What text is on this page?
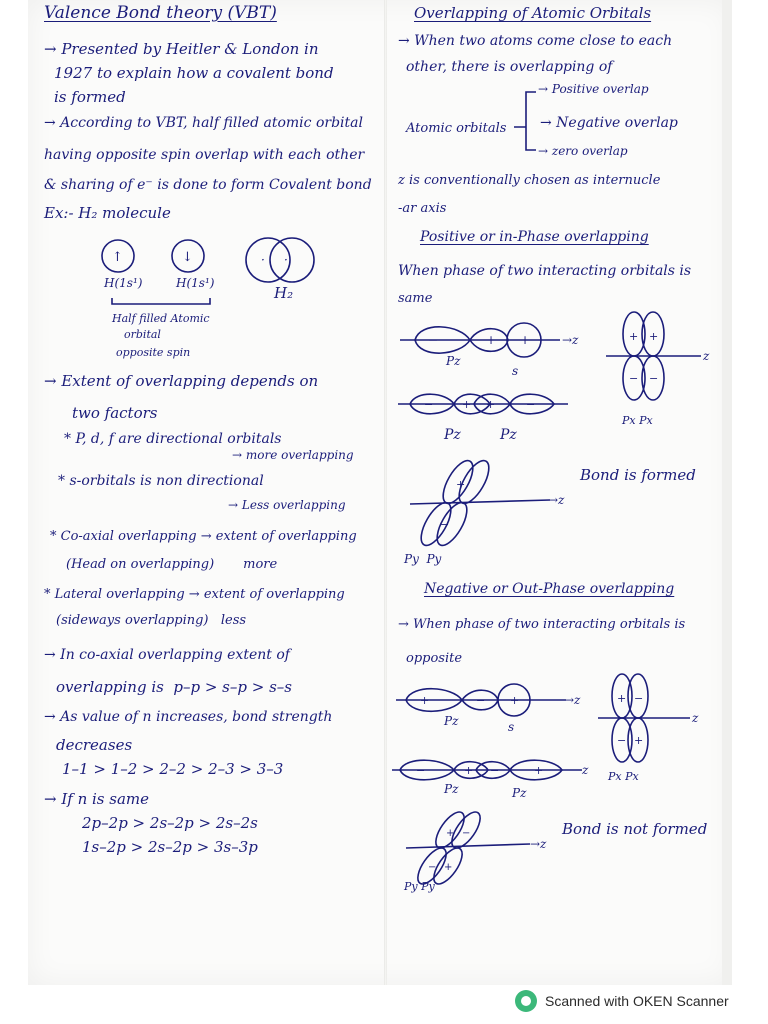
Valence Bond theory (VBT)
→ Presented by Heitler & London in
1927 to explain how a covalent bond
is formed
→ According to VBT, half filled atomic orbital
having opposite spin overlap with each other
& sharing of e⁻ is done to form Covalent bond
Ex:- H₂ molecule
↑	↓	· ·
H(1s¹)	H(1s¹)
H₂
Half filled Atomic
orbital
opposite spin
→ Extent of overlapping depends on
two factors
* P, d, f are directional orbitals
→ more overlapping
* s-orbitals is non directional
→ Less overlapping
* Co-axial overlapping → extent of overlapping
(Head on overlapping)       more
* Lateral overlapping → extent of overlapping
(sideways overlapping)   less
→ In co-axial overlapping extent of
overlapping is  p–p > s–p > s–s
→ As value of n increases, bond strength
decreases
1–1 > 1–2 > 2–2 > 2–3 > 3–3
→ If n is same
2p–2p > 2s–2p > 2s–2s
1s–2p > 2s–2p > 3s–3p
Overlapping of Atomic Orbitals
→ When two atoms come close to each
other, there is overlapping of
Atomic orbitals
→ Positive overlap
→ Negative overlap
→ zero overlap
z is conventionally chosen as internucle
-ar axis
Positive or in-Phase overlapping
When phase of two interacting orbitals is
same
−	+ +	→z
Pz
s
z
+ +
− −
Px Px
−	+ +	−
Pz	Pz
→z
+
−
Py  Py
Bond is formed
Negative or Out-Phase overlapping
→ When phase of two interacting orbitals is
opposite
+	− +	→z
Pz	s
z
+ −
− +
Px Px
−	+ −	+	z
Pz	Pz
→z
+ −
− +
Py Py
Bond is not formed
Scanned with OKEN Scanner
